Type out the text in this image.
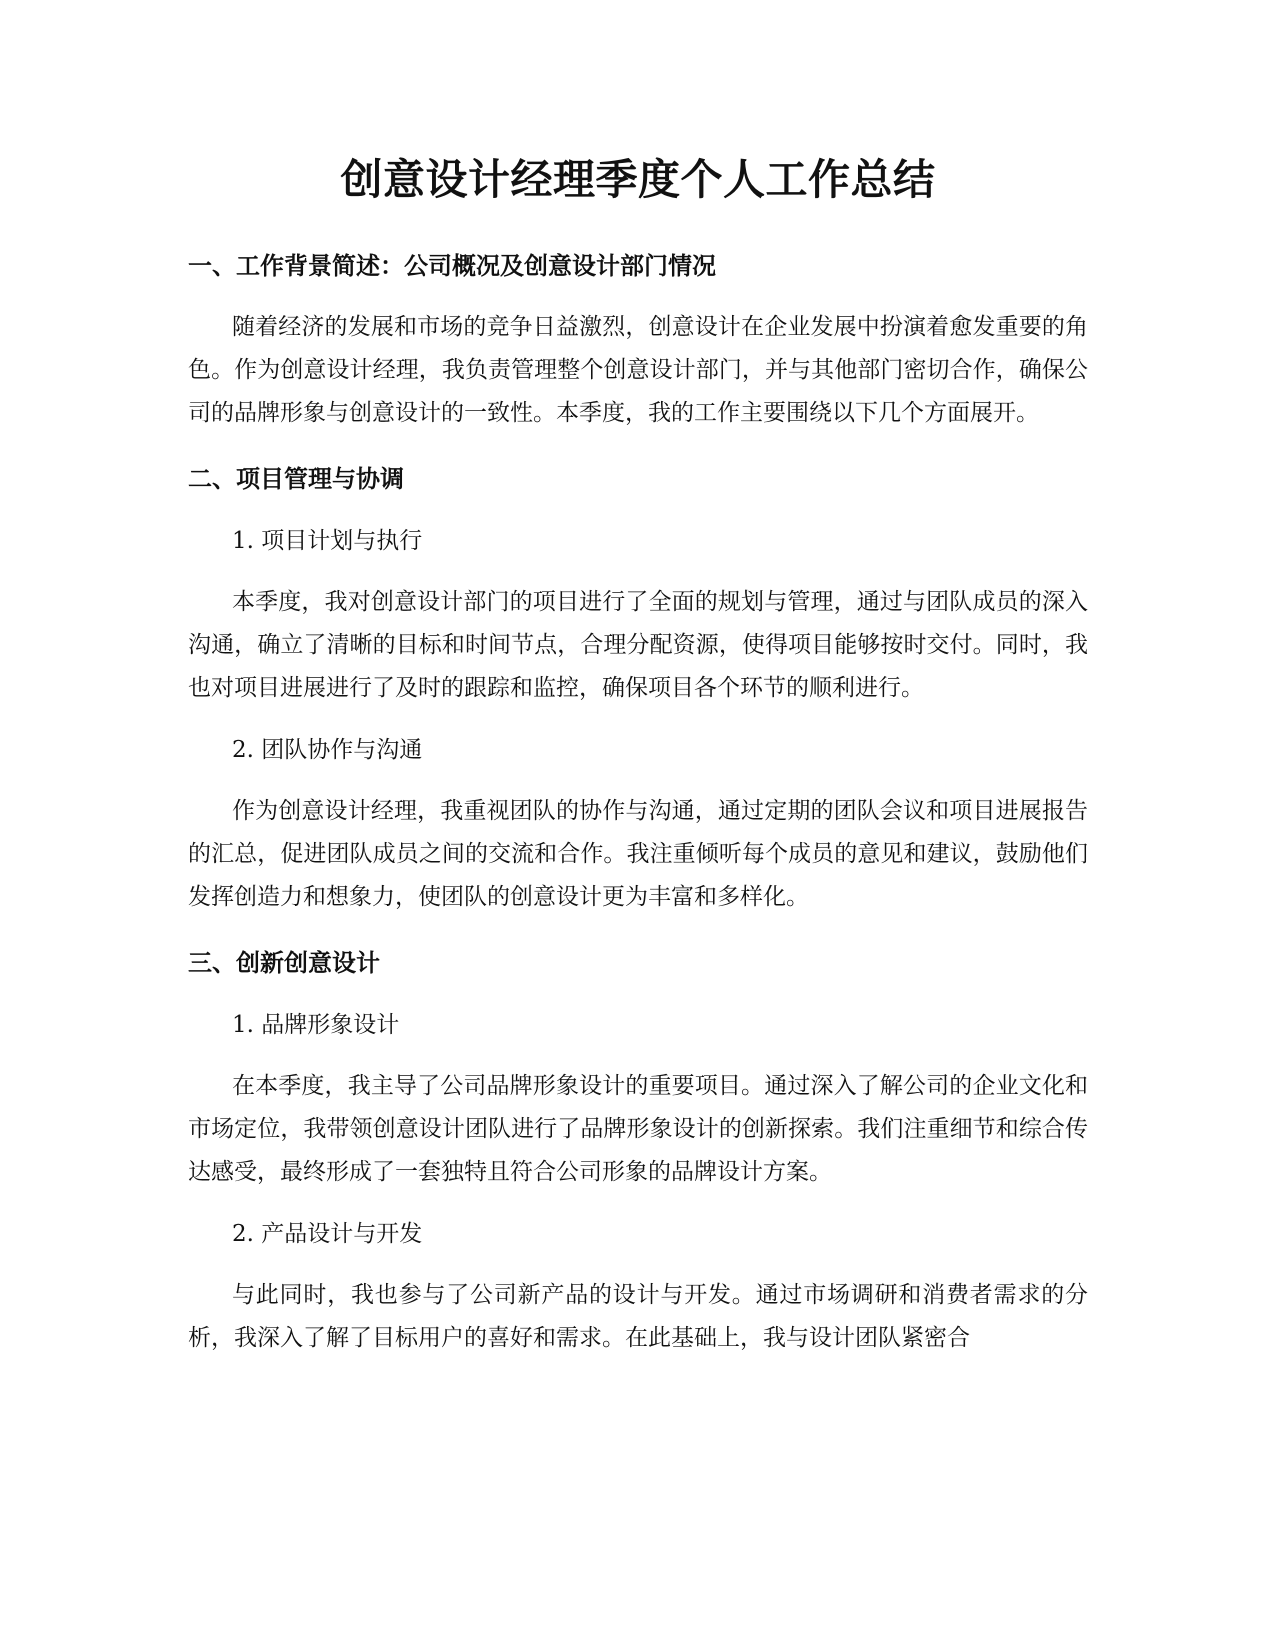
创意设计经理季度个人工作总结
一、工作背景简述：公司概况及创意设计部门情况

随着经济的发展和市场的竞争日益激烈，创意设计在企业发展中扮演着愈发重要的角色。作为创意设计经理，我负责管理整个创意设计部门，并与其他部门密切合作，确保公司的品牌形象与创意设计的一致性。本季度，我的工作主要围绕以下几个方面展开。

二、项目管理与协调

1. 项目计划与执行

本季度，我对创意设计部门的项目进行了全面的规划与管理，通过与团队成员的深入沟通，确立了清晰的目标和时间节点，合理分配资源，使得项目能够按时交付。同时，我也对项目进展进行了及时的跟踪和监控，确保项目各个环节的顺利进行。

2. 团队协作与沟通

作为创意设计经理，我重视团队的协作与沟通，通过定期的团队会议和项目进展报告的汇总，促进团队成员之间的交流和合作。我注重倾听每个成员的意见和建议，鼓励他们发挥创造力和想象力，使团队的创意设计更为丰富和多样化。

三、创新创意设计

1. 品牌形象设计

在本季度，我主导了公司品牌形象设计的重要项目。通过深入了解公司的企业文化和市场定位，我带领创意设计团队进行了品牌形象设计的创新探索。我们注重细节和综合传达感受，最终形成了一套独特且符合公司形象的品牌设计方案。

2. 产品设计与开发

与此同时，我也参与了公司新产品的设计与开发。通过市场调研和消费者需求的分析，我深入了解了目标用户的喜好和需求。在此基础上，我与设计团队紧密合
